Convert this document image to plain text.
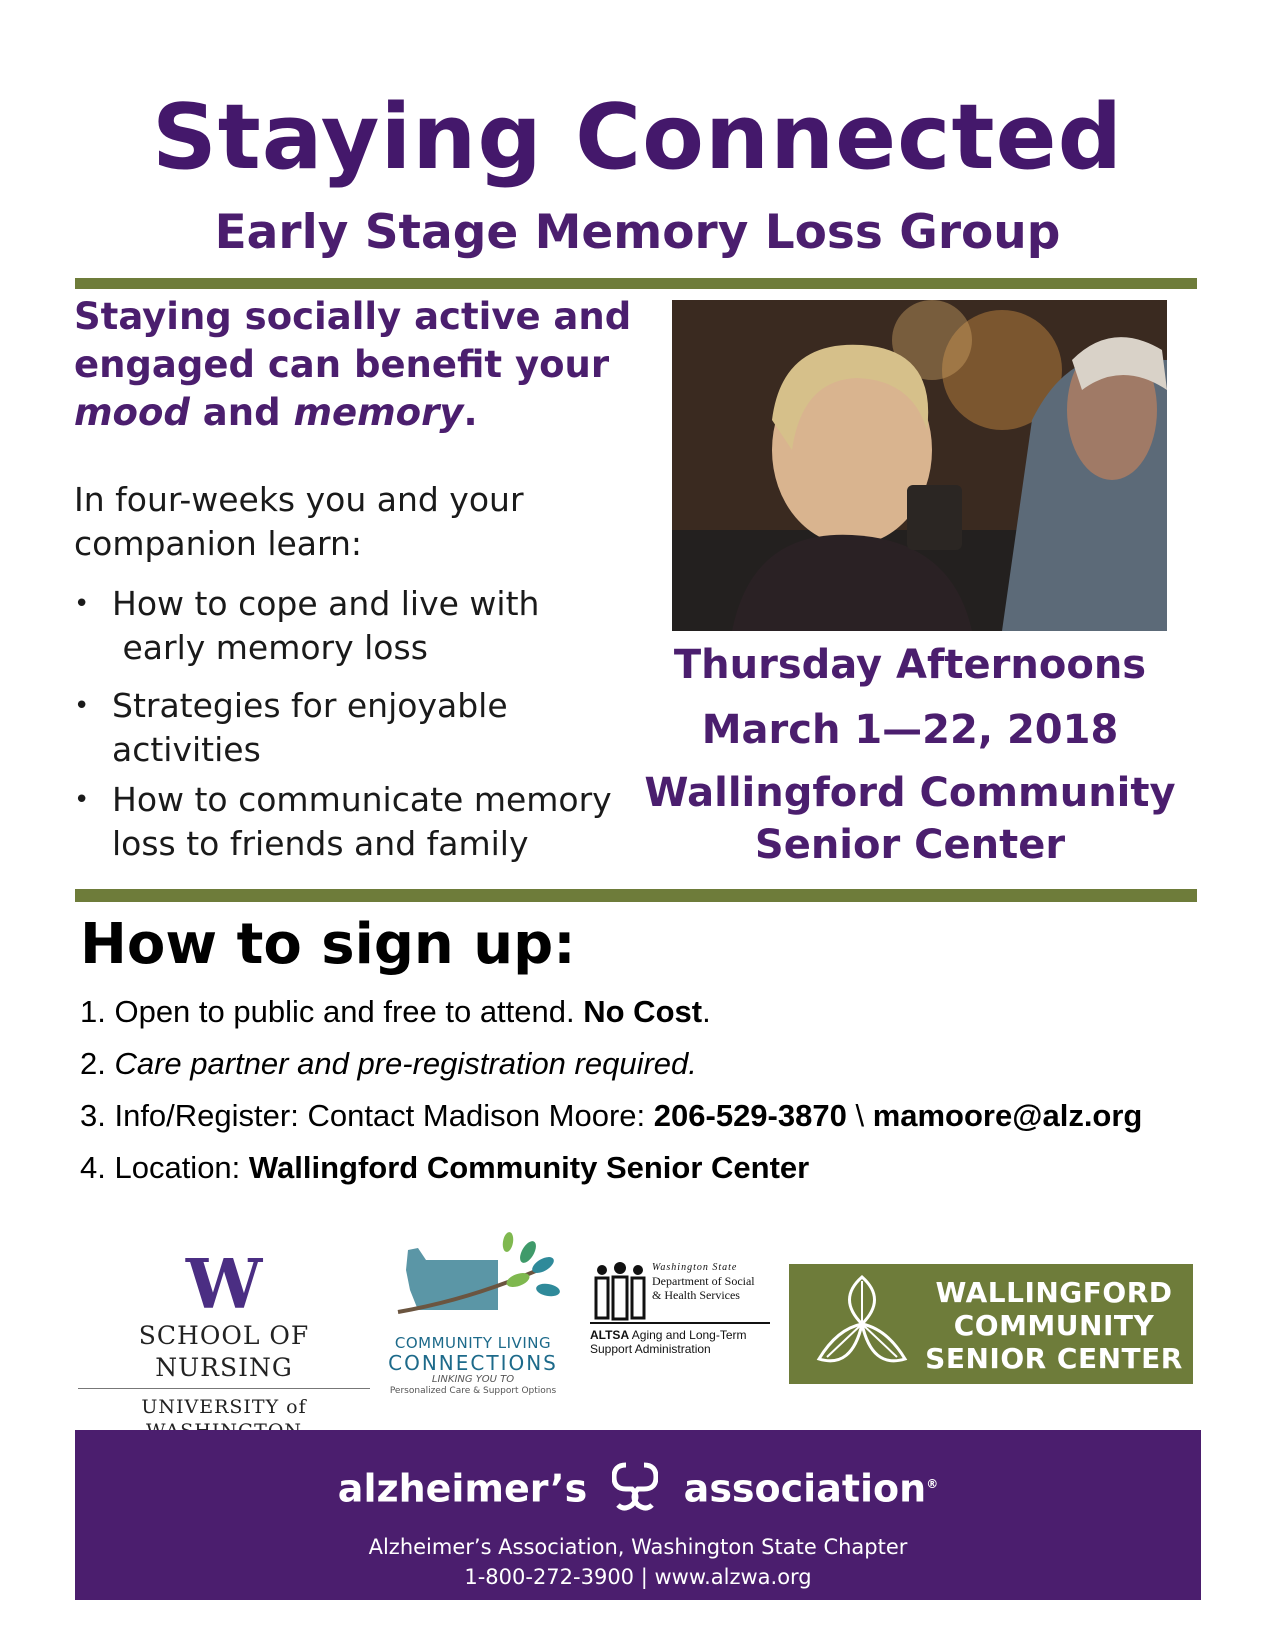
Staying Connected
Early Stage Memory Loss Group
Staying socially active and engaged can benefit your mood and memory.
In four-weeks you and your companion learn:
• How to cope and live with
early memory loss
• Strategies for enjoyable
activities
• How to communicate memory
loss to friends and family
Thursday Afternoons
March 1—22, 2018
Wallingford Community
Senior Center
How to sign up:
1. Open to public and free to attend. No Cost.
2. Care partner and pre-registration required.
3. Info/Register: Contact Madison Moore: 206-529-3870 \ mamoore@alz.org
4. Location: Wallingford Community Senior Center
W
SCHOOL OF NURSING
UNIVERSITY of
COMMUNITY LIVING
CONNECTIONS
LINKING YOU TO
Personalized Care & Support Options
Washington State
Department of Social
& Health Services
ALTSA Aging and Long-Term
Support Administration
WALLINGFORD
COMMUNITY
SENIOR CENTER
alzheimer’s	association®
Alzheimer’s Association, Washington State Chapter
1-800-272-3900 | www.alzwa.org
